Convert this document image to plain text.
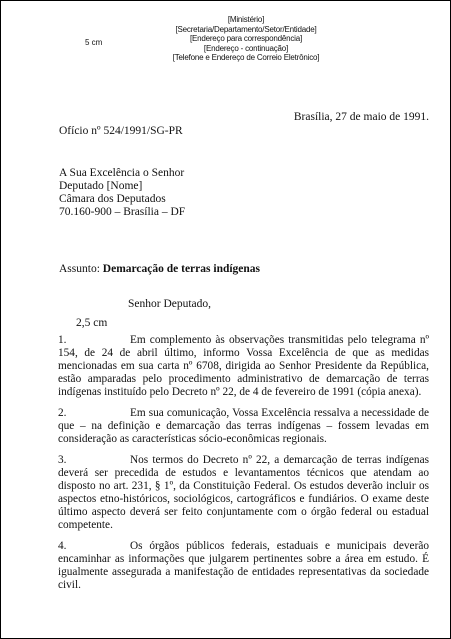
[Ministério]
[Secretaria/Departamento/Setor/Entidade]
[Endereço para correspondência]
[Endereço - continuação]
[Telefone e Endereço de Correio Eletrônico]
5 cm
Ofício nº 524/1991/SG-PR
Brasília, 27 de maio de 1991.
A Sua Excelência o Senhor
Deputado [Nome]
Câmara dos Deputados
70.160-900 – Brasília – DF
Assunto: Demarcação de terras indígenas
Senhor Deputado,
2,5 cm

1.	Em complemento às observações transmitidas pelo telegrama nº 154, de 24 de abril último, informo Vossa Excelência de que as medidas mencionadas em sua carta nº 6708, dirigida ao Senhor Presidente da República, estão amparadas pelo procedimento administrativo de demarcação de terras indígenas instituído pelo Decreto nº 22, de 4 de fevereiro de 1991 (cópia anexa).

2.	Em sua comunicação, Vossa Excelência ressalva a necessidade de que – na definição e demarcação das terras indígenas – fossem levadas em consideração as características sócio-econômicas regionais.

3.	Nos termos do Decreto nº 22, a demarcação de terras indígenas deverá ser precedida de estudos e levantamentos técnicos que atendam ao disposto no art. 231, § 1º, da Constituição Federal. Os estudos deverão incluir os aspectos etno-históricos, sociológicos, cartográficos e fundiários. O exame deste último aspecto deverá ser feito conjuntamente com o órgão federal ou estadual competente.

4.	Os órgãos públicos federais, estaduais e municipais deverão encaminhar as informações que julgarem pertinentes sobre a área em estudo. É igualmente assegurada a manifestação de entidades representativas da sociedade civil.
